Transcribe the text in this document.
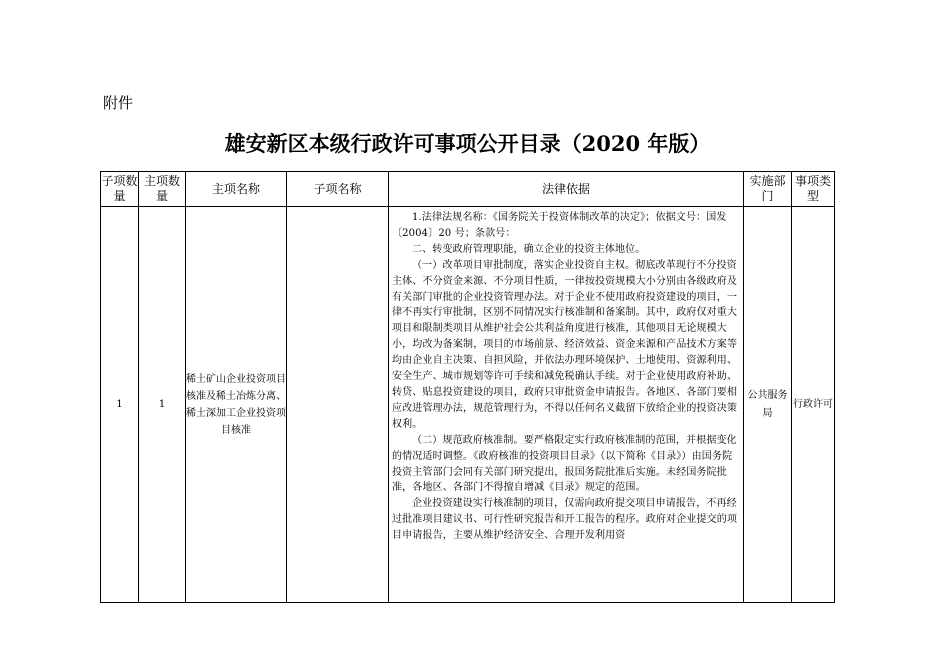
附件
雄安新区本级行政许可事项公开目录（2020 年版）
子项数量	主项数量	主项名称	子项名称	法律依据	实施部门	事项类型
1	1	稀土矿山企业投资项目核准及稀土冶炼分离、稀土深加工企业投资项目核准		1.法律法规名称：《国务院关于投资体制改革的决定》；依据文号：国发〔2004〕20 号；条款号：

二、转变政府管理职能，确立企业的投资主体地位。

（一）改革项目审批制度，落实企业投资自主权。彻底改革现行不分投资主体、不分资金来源、不分项目性质，一律按投资规模大小分别由各级政府及有关部门审批的企业投资管理办法。对于企业不使用政府投资建设的项目，一律不再实行审批制，区别不同情况实行核准制和备案制。其中，政府仅对重大项目和限制类项目从维护社会公共利益角度进行核准，其他项目无论规模大小，均改为备案制，项目的市场前景、经济效益、资金来源和产品技术方案等均由企业自主决策、自担风险，并依法办理环境保护、土地使用、资源利用、安全生产、城市规划等许可手续和减免税确认手续。对于企业使用政府补助、转贷、贴息投资建设的项目，政府只审批资金申请报告。各地区、各部门要相应改进管理办法，规范管理行为，不得以任何名义截留下放给企业的投资决策权利。

（二）规范政府核准制。要严格限定实行政府核准制的范围，并根据变化的情况适时调整。《政府核准的投资项目目录》（以下简称《目录》）由国务院投资主管部门会同有关部门研究提出，报国务院批准后实施。未经国务院批准，各地区、各部门不得擅自增减《目录》规定的范围。

企业投资建设实行核准制的项目，仅需向政府提交项目申请报告，不再经过批准项目建议书、可行性研究报告和开工报告的程序。政府对企业提交的项目申请报告，主要从维护经济安全、合理开发利用资	公共服务局	行政许可
